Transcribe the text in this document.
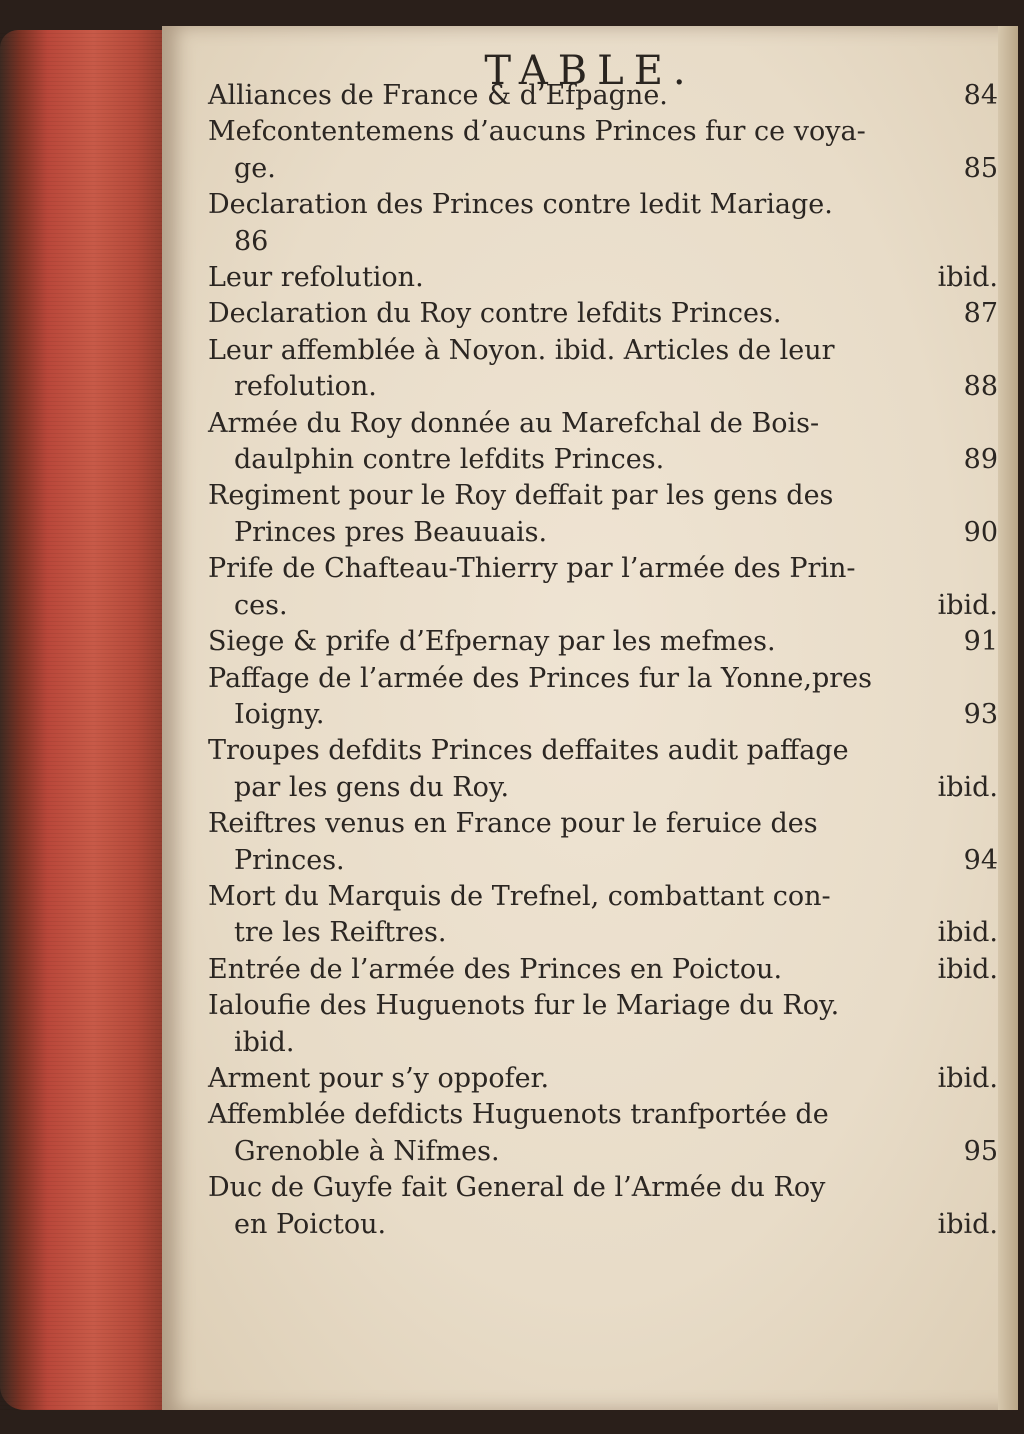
TABLE.
Alliances de France & d’Efpagne.	84
Mefcontentemens d’aucuns Princes fur ce voya-
ge.	85
Declaration des Princes contre ledit Mariage.
86
Leur refolution.	ibid.
Declaration du Roy contre lefdits Princes.	87
Leur affemblée à Noyon. ibid. Articles de leur
refolution.	88
Armée du Roy donnée au Marefchal de Bois-
daulphin contre lefdits Princes.	89
Regiment pour le Roy deffait par les gens des
Princes pres Beauuais.	90
Prife de Chafteau-Thierry par l’armée des Prin-
ces.	ibid.
Siege & prife d’Efpernay par les mefmes.	91
Paffage de l’armée des Princes fur la Yonne,pres
Ioigny.	93
Troupes defdits Princes deffaites audit paffage
par les gens du Roy.	ibid.
Reiftres venus en France pour le feruice des
Princes.	94
Mort du Marquis de Trefnel, combattant con-
tre les Reiftres.	ibid.
Entrée de l’armée des Princes en Poictou.	ibid.
Ialoufie des Huguenots fur le Mariage du Roy.
ibid.
Arment pour s’y oppofer.	ibid.
Affemblée defdicts Huguenots tranfportée de
Grenoble à Nifmes.	95
Duc de Guyfe fait General de l’Armée du Roy
en Poictou.	ibid.
